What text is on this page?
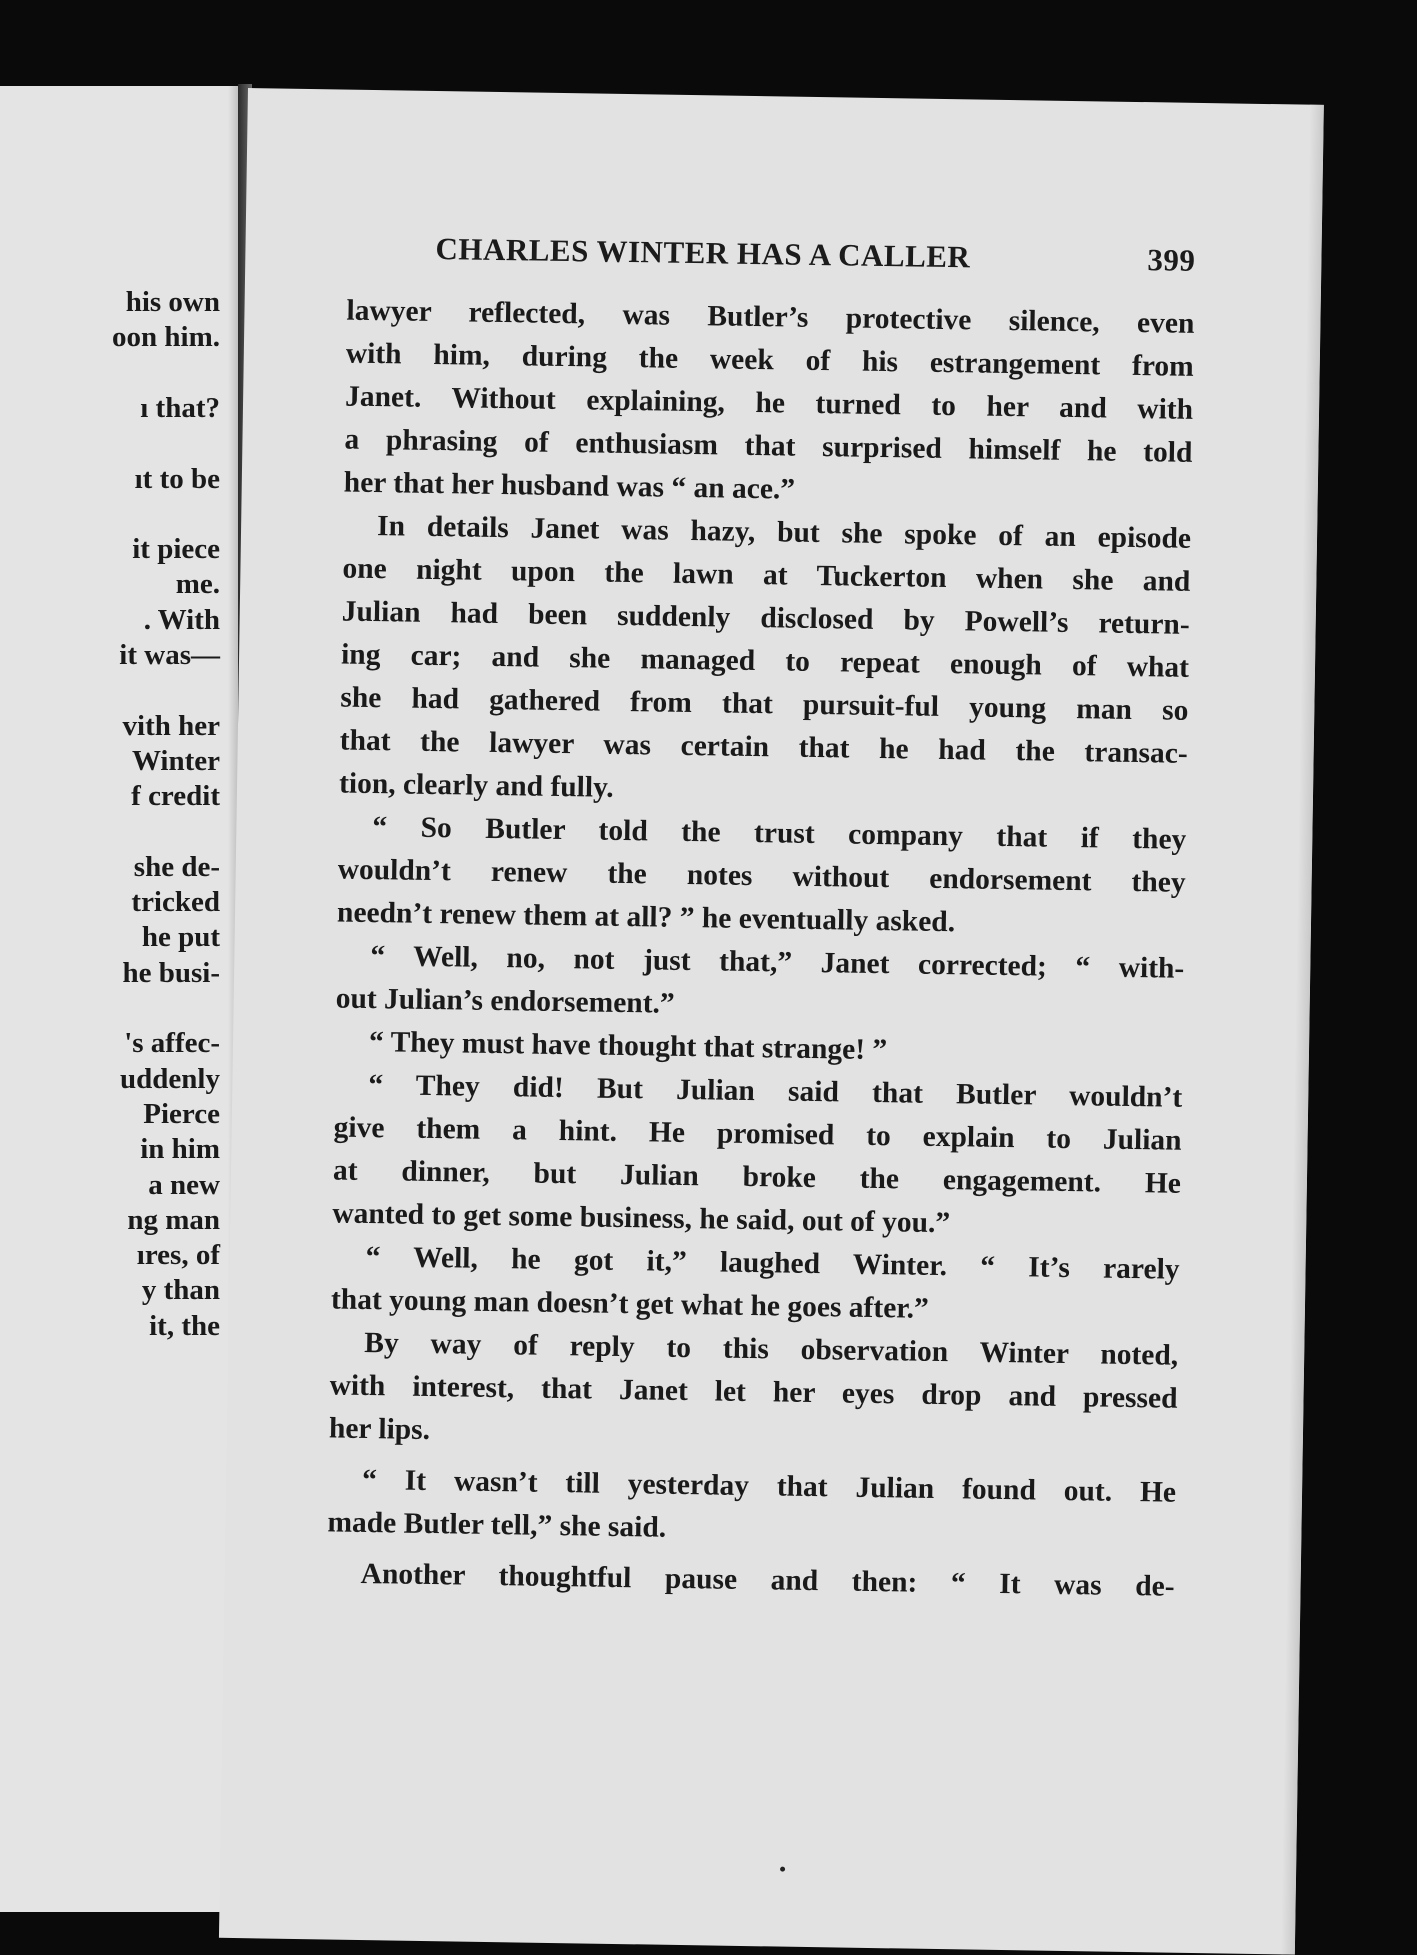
his own
oon him.
ı that?
ıt to be
it piece
me.
. With
it was—
vith her
Winter
f credit
she de-
tricked
he put
he busi-
's affec-
uddenly
Pierce
in him
a new
ng man
ıres, of
y than
it, the
CHARLES WINTER HAS A CALLER	399
lawyer reflected, was Butler’s protective silence, even
with him, during the week of his estrangement from
Janet. Without explaining, he turned to her and with
a phrasing of enthusiasm that surprised himself he told
her that her husband was “ an ace.”
In details Janet was hazy, but she spoke of an episode
one night upon the lawn at Tuckerton when she and
Julian had been suddenly disclosed by Powell’s return-
ing car; and she managed to repeat enough of what
she had gathered from that pursuit-ful young man so
that the lawyer was certain that he had the transac-
tion, clearly and fully.
“ So Butler told the trust company that if they
wouldn’t renew the notes without endorsement they
needn’t renew them at all? ” he eventually asked.
“ Well, no, not just that,” Janet corrected; “ with-
out Julian’s endorsement.”
“ They must have thought that strange! ”
“ They did! But Julian said that Butler wouldn’t
give them a hint. He promised to explain to Julian
at dinner, but Julian broke the engagement. He
wanted to get some business, he said, out of you.”
“ Well, he got it,” laughed Winter. “ It’s rarely
that young man doesn’t get what he goes after.”
By way of reply to this observation Winter noted,
with interest, that Janet let her eyes drop and pressed
her lips.
“ It wasn’t till yesterday that Julian found out. He
made Butler tell,” she said.
Another thoughtful pause and then: “ It was de-
